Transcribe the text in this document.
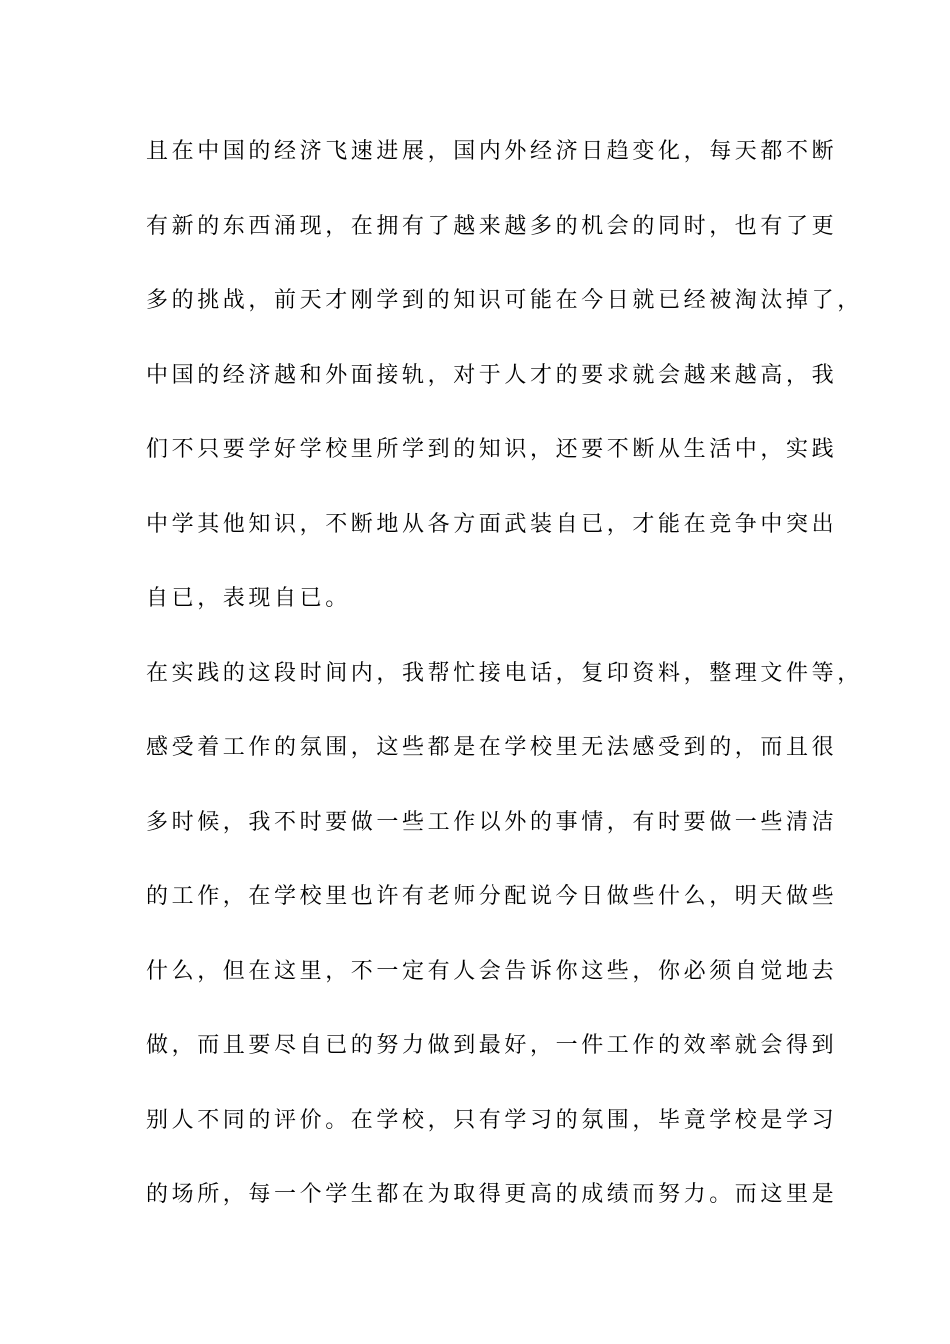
且在中国的经济飞速进展，国内外经济日趋变化，每天都不断
有新的东西涌现，在拥有了越来越多的机会的同时，也有了更
多的挑战，前天才刚学到的知识可能在今日就已经被淘汰掉了，
中国的经济越和外面接轨，对于人才的要求就会越来越高，我
们不只要学好学校里所学到的知识，还要不断从生活中，实践
中学其他知识，不断地从各方面武装自已，才能在竞争中突出
自已，表现自已。
在实践的这段时间内，我帮忙接电话，复印资料，整理文件等，
感受着工作的氛围，这些都是在学校里无法感受到的，而且很
多时候，我不时要做一些工作以外的事情，有时要做一些清洁
的工作，在学校里也许有老师分配说今日做些什么，明天做些
什么，但在这里，不一定有人会告诉你这些，你必须自觉地去
做，而且要尽自已的努力做到最好，一件工作的效率就会得到
别人不同的评价。在学校，只有学习的氛围，毕竟学校是学习
的场所，每一个学生都在为取得更高的成绩而努力。而这里是
